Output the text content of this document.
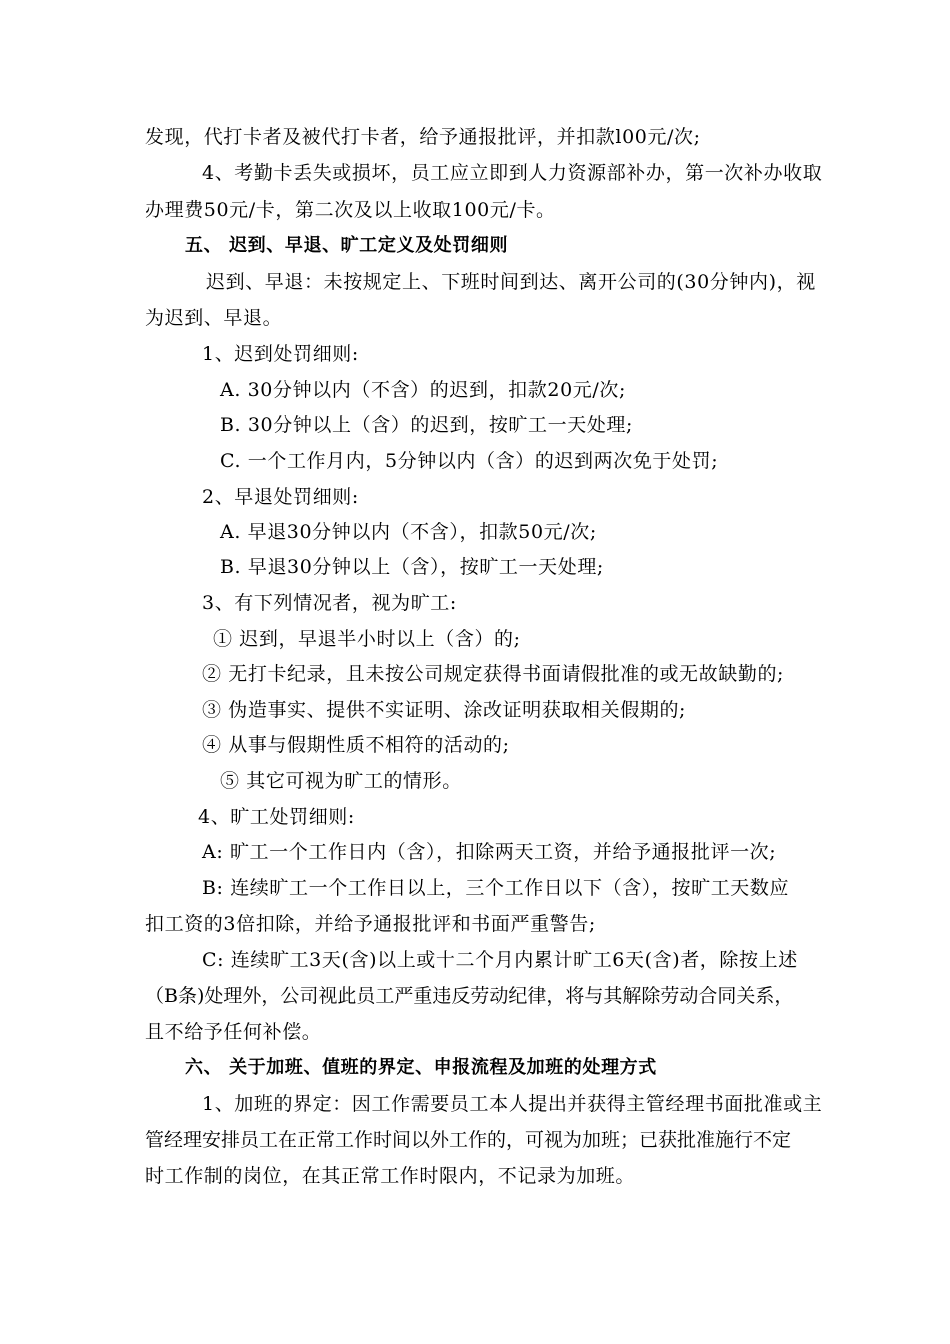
发现，代打卡者及被代打卡者，给予通报批评，并扣款l00元/次;
4、考勤卡丢失或损坏，员工应立即到人力资源部补办，第一次补办收取
办理费50元/卡，第二次及以上收取100元/卡。
五、 迟到、早退、旷工定义及处罚细则
迟到、早退：未按规定上、下班时间到达、离开公司的(30分钟内)，视
为迟到、早退。
1、迟到处罚细则:
A. 30分钟以内（不含）的迟到，扣款20元/次;
B. 30分钟以上（含）的迟到，按旷工一天处理;
C. 一个工作月内，5分钟以内（含）的迟到两次免于处罚;
2、早退处罚细则:
A. 早退30分钟以内（不含），扣款50元/次;
B. 早退30分钟以上（含），按旷工一天处理;
3、有下列情况者，视为旷工:
① 迟到，早退半小时以上（含）的;
② 无打卡纪录，且未按公司规定获得书面请假批准的或无故缺勤的;
③ 伪造事实、提供不实证明、涂改证明获取相关假期的;
④ 从事与假期性质不相符的活动的;
⑤ 其它可视为旷工的情形。
4、旷工处罚细则:
A: 旷工一个工作日内（含），扣除两天工资，并给予通报批评一次;
B: 连续旷工一个工作日以上，三个工作日以下（含），按旷工天数应
扣工资的3倍扣除，并给予通报批评和书面严重警告;
C: 连续旷工3天(含)以上或十二个月内累计旷工6天(含)者，除按上述
（B条)处理外，公司视此员工严重违反劳动纪律，将与其解除劳动合同关系，
且不给予任何补偿。
六、 关于加班、值班的界定、申报流程及加班的处理方式
1、加班的界定：因工作需要员工本人提出并获得主管经理书面批准或主
管经理安排员工在正常工作时间以外工作的，可视为加班；已获批准施行不定
时工作制的岗位，在其正常工作时限内，不记录为加班。
